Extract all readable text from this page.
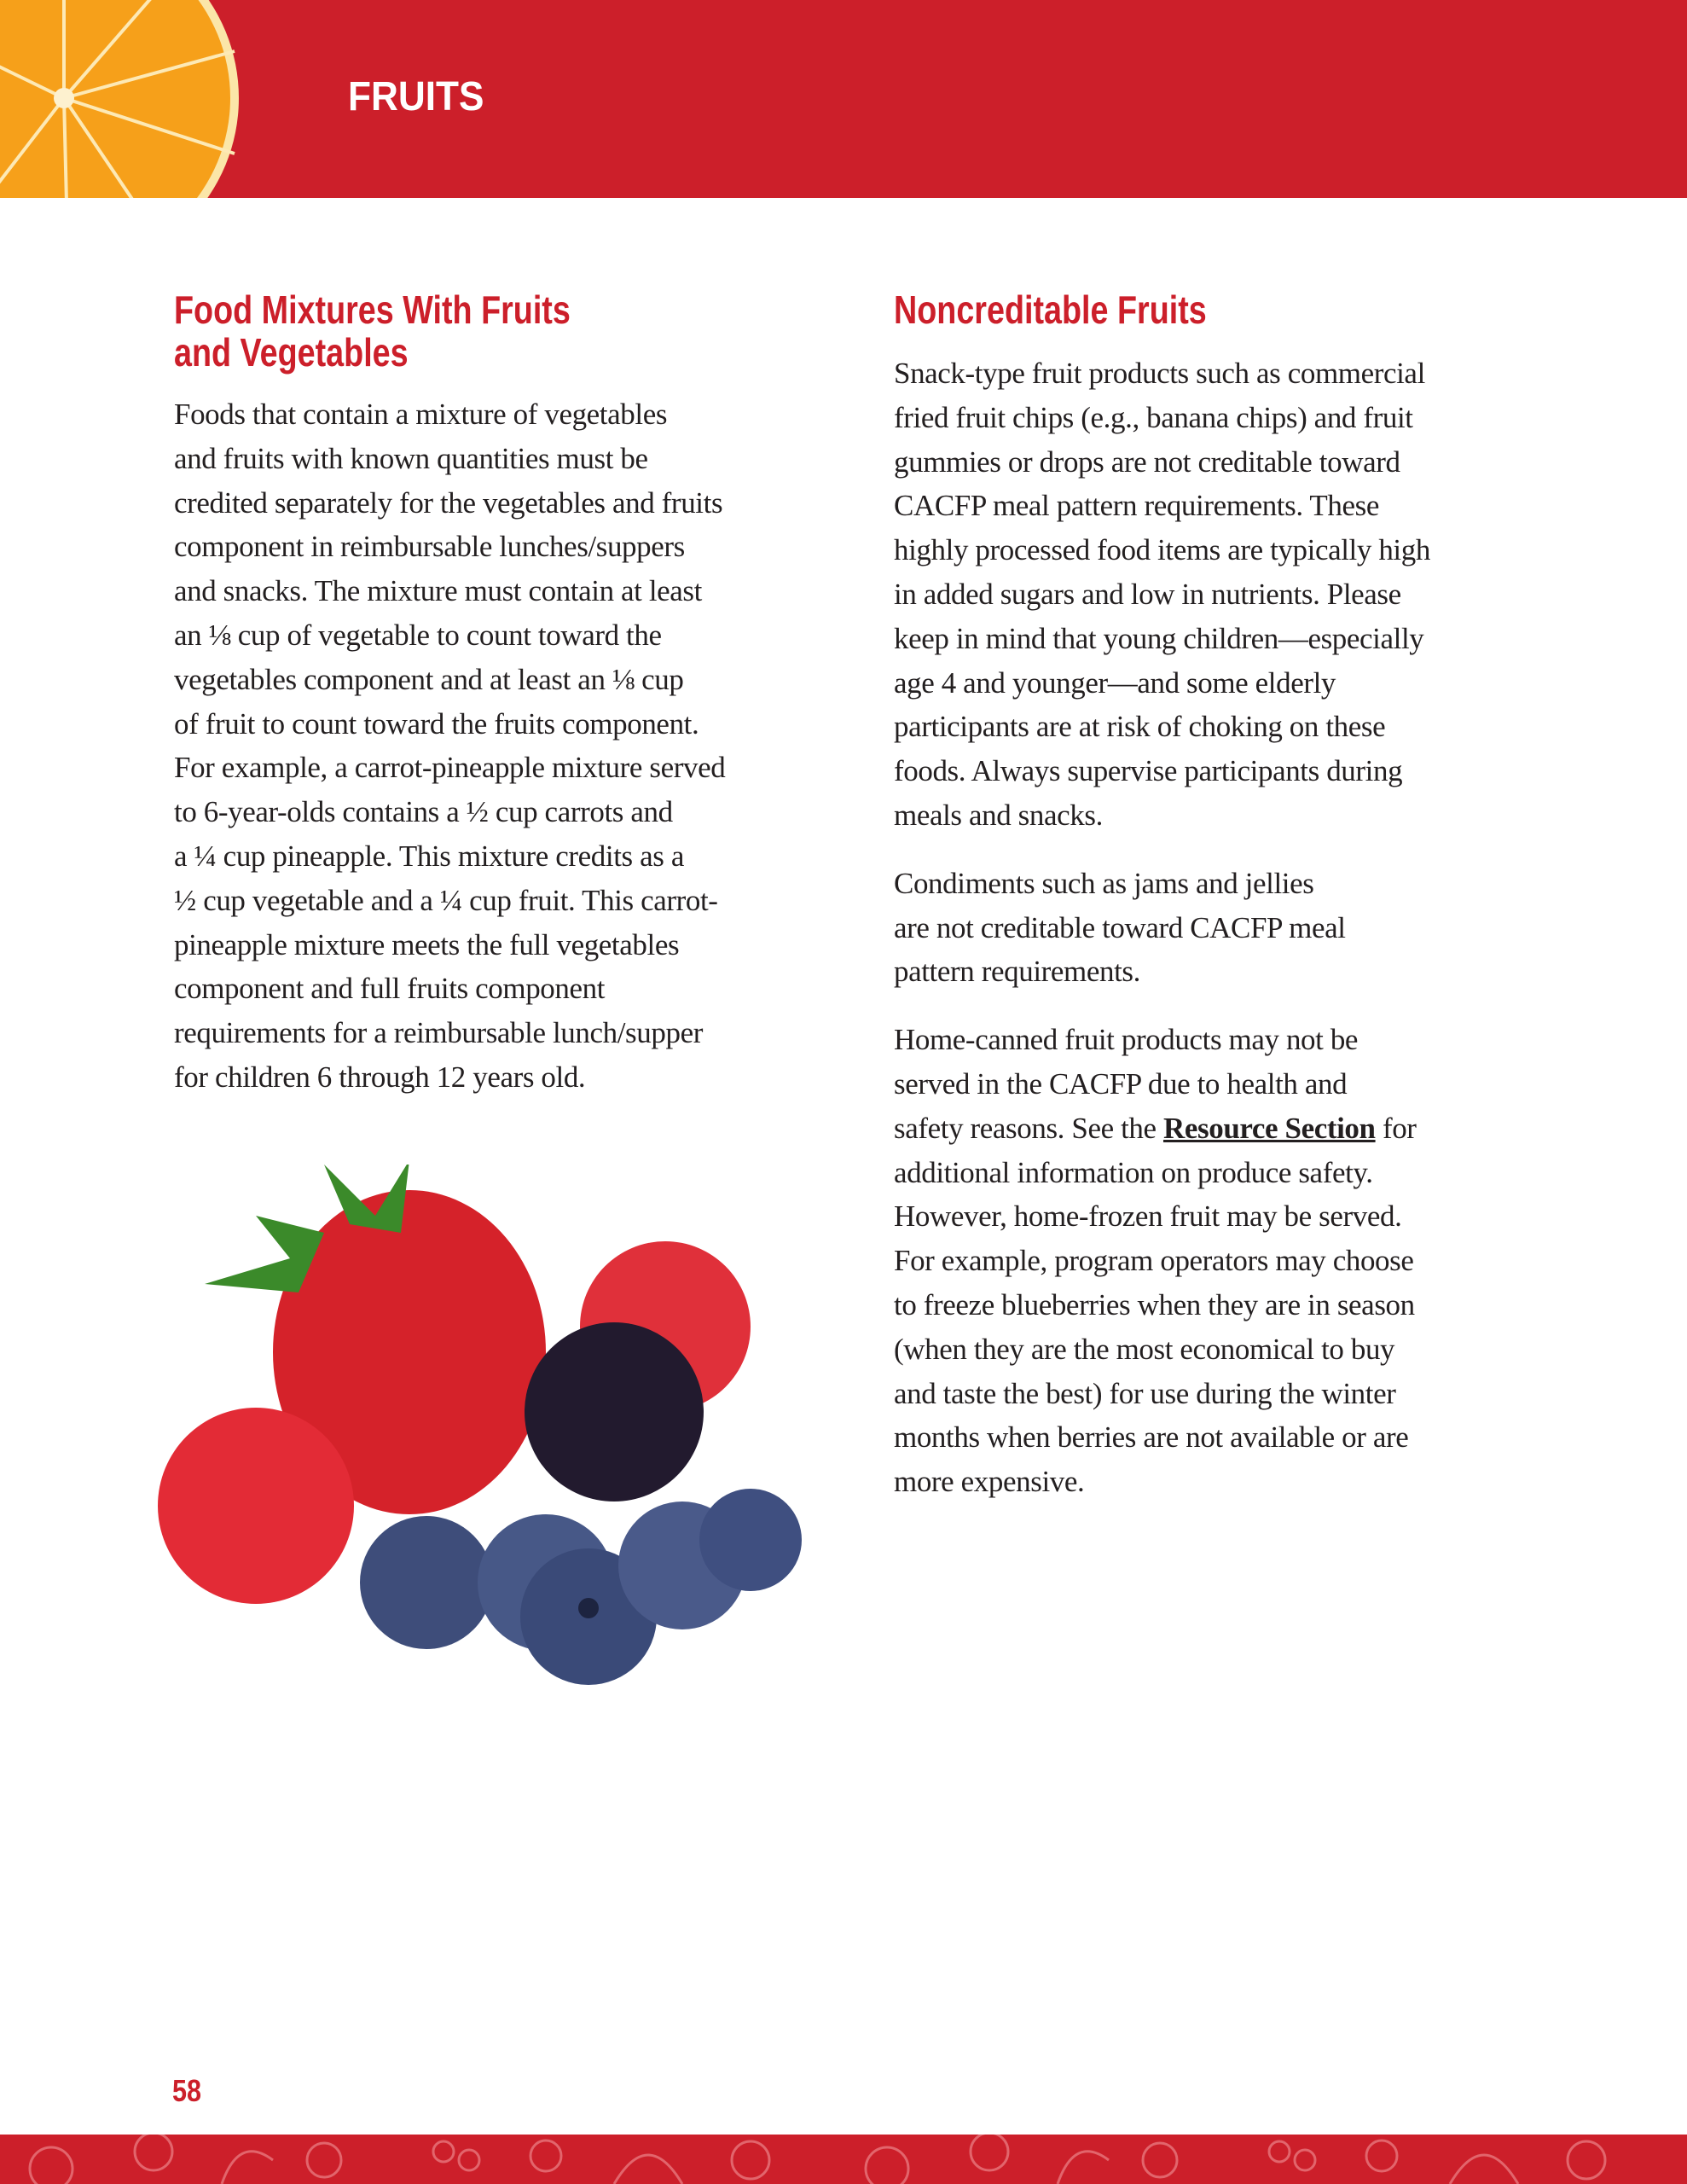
FRUITS
Food Mixtures With Fruits
and Vegetables
Foods that contain a mixture of vegetables
and fruits with known quantities must be
credited separately for the vegetables and fruits
component in reimbursable lunches/suppers
and snacks. The mixture must contain at least
an ⅛ cup of vegetable to count toward the
vegetables component and at least an ⅛ cup
of fruit to count toward the fruits component.
For example, a carrot-pineapple mixture served
to 6-year-olds contains a ½ cup carrots and
a ¼ cup pineapple. This mixture credits as a
½ cup vegetable and a ¼ cup fruit. This carrot-
pineapple mixture meets the full vegetables
component and full fruits component
requirements for a reimbursable lunch/supper
for children 6 through 12 years old.
Noncreditable Fruits

Snack-type fruit products such as commercial
fried fruit chips (e.g., banana chips) and fruit
gummies or drops are not creditable toward
CACFP meal pattern requirements. These
highly processed food items are typically high
in added sugars and low in nutrients. Please
keep in mind that young children—especially
age 4 and younger—and some elderly
participants are at risk of choking on these
foods. Always supervise participants during
meals and snacks.

Condiments such as jams and jellies
are not creditable toward CACFP meal
pattern requirements.

Home-canned fruit products may not be
served in the CACFP due to health and
safety reasons. See the Resource Section for
additional information on produce safety.
However, home-frozen fruit may be served.
For example, program operators may choose
to freeze blueberries when they are in season
(when they are the most economical to buy
and taste the best) for use during the winter
months when berries are not available or are
more expensive.

58
